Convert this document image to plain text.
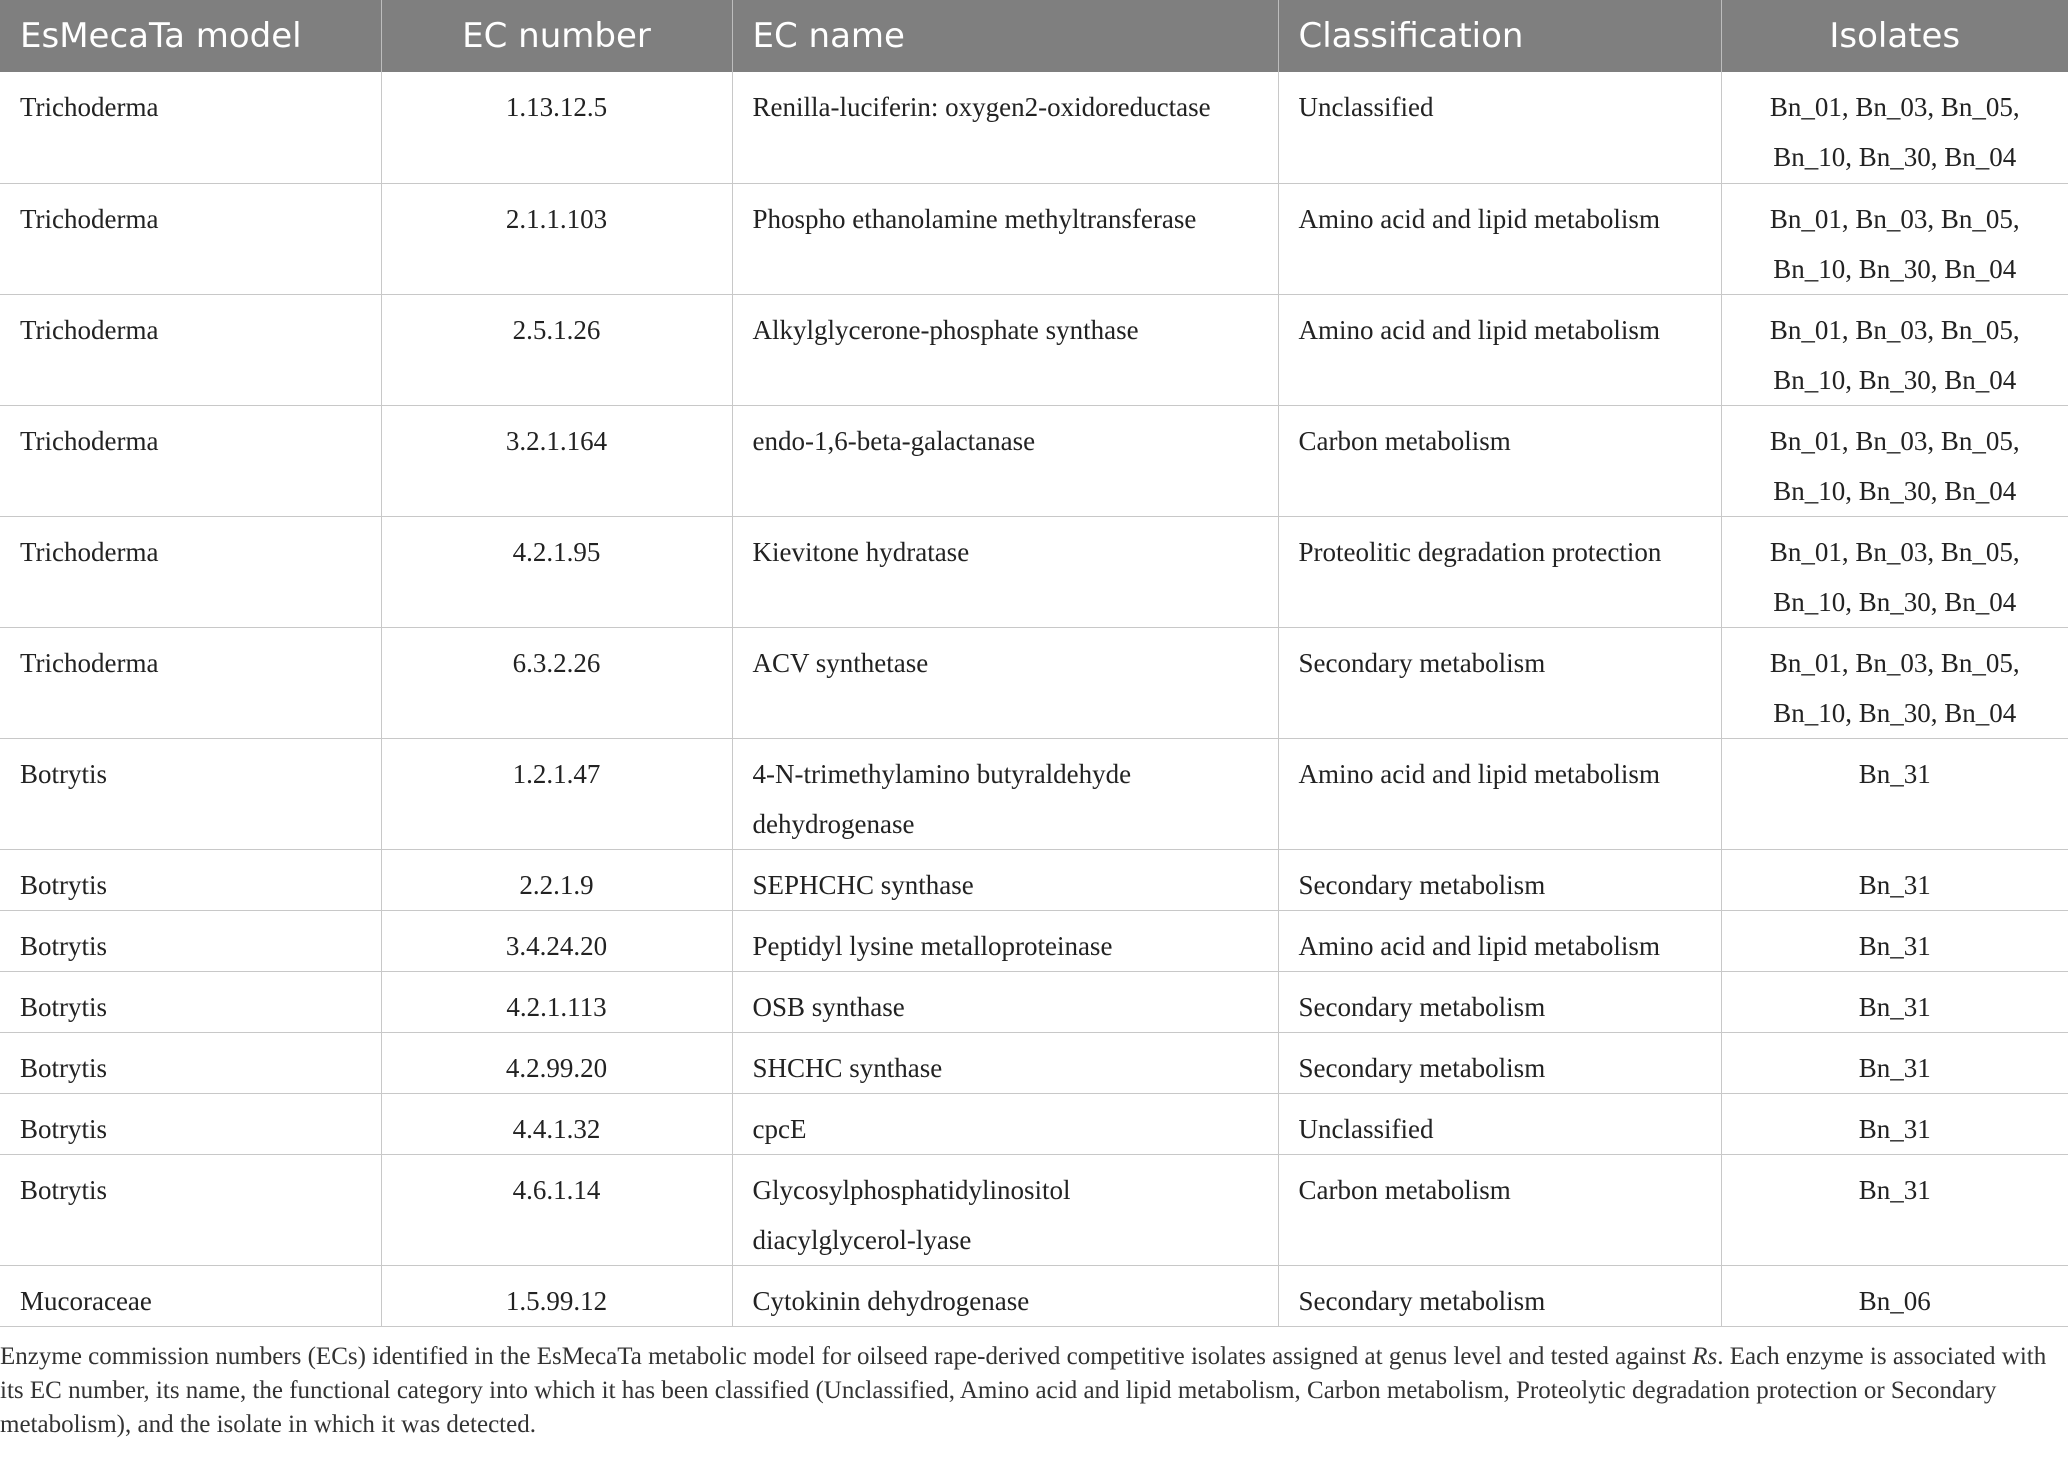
EsMecaTa model	EC number	EC name	Classification	Isolates
Trichoderma	1.13.12.5	Renilla-luciferin: oxygen2-oxidoreductase	Unclassified	Bn_01, Bn_03, Bn_05,
Bn_10, Bn_30, Bn_04

Trichoderma	2.1.1.103	Phospho ethanolamine methyltransferase	Amino acid and lipid metabolism	Bn_01, Bn_03, Bn_05,
Bn_10, Bn_30, Bn_04

Trichoderma	2.5.1.26	Alkylglycerone-phosphate synthase	Amino acid and lipid metabolism	Bn_01, Bn_03, Bn_05,
Bn_10, Bn_30, Bn_04

Trichoderma	3.2.1.164	endo-1,6-beta-galactanase	Carbon metabolism	Bn_01, Bn_03, Bn_05,
Bn_10, Bn_30, Bn_04

Trichoderma	4.2.1.95	Kievitone hydratase	Proteolitic degradation protection	Bn_01, Bn_03, Bn_05,
Bn_10, Bn_30, Bn_04

Trichoderma	6.3.2.26	ACV synthetase	Secondary metabolism	Bn_01, Bn_03, Bn_05,
Bn_10, Bn_30, Bn_04

Botrytis	1.2.1.47	4-N-trimethylamino butyraldehyde
dehydrogenase	Amino acid and lipid metabolism	Bn_31

Botrytis	2.2.1.9	SEPHCHC synthase	Secondary metabolism	Bn_31

Botrytis	3.4.24.20	Peptidyl lysine metalloproteinase	Amino acid and lipid metabolism	Bn_31

Botrytis	4.2.1.113	OSB synthase	Secondary metabolism	Bn_31

Botrytis	4.2.99.20	SHCHC synthase	Secondary metabolism	Bn_31

Botrytis	4.4.1.32	cpcE	Unclassified	Bn_31

Botrytis	4.6.1.14	Glycosylphosphatidylinositol
diacylglycerol-lyase	Carbon metabolism	Bn_31

Mucoraceae	1.5.99.12	Cytokinin dehydrogenase	Secondary metabolism	Bn_06
Enzyme commission numbers (ECs) identified in the EsMecaTa metabolic model for oilseed rape-derived competitive isolates assigned at genus level and tested against Rs. Each enzyme is associated with its EC number, its name, the functional category into which it has been classified (Unclassified, Amino acid and lipid metabolism, Carbon metabolism, Proteolytic degradation protection or Secondary metabolism), and the isolate in which it was detected.
